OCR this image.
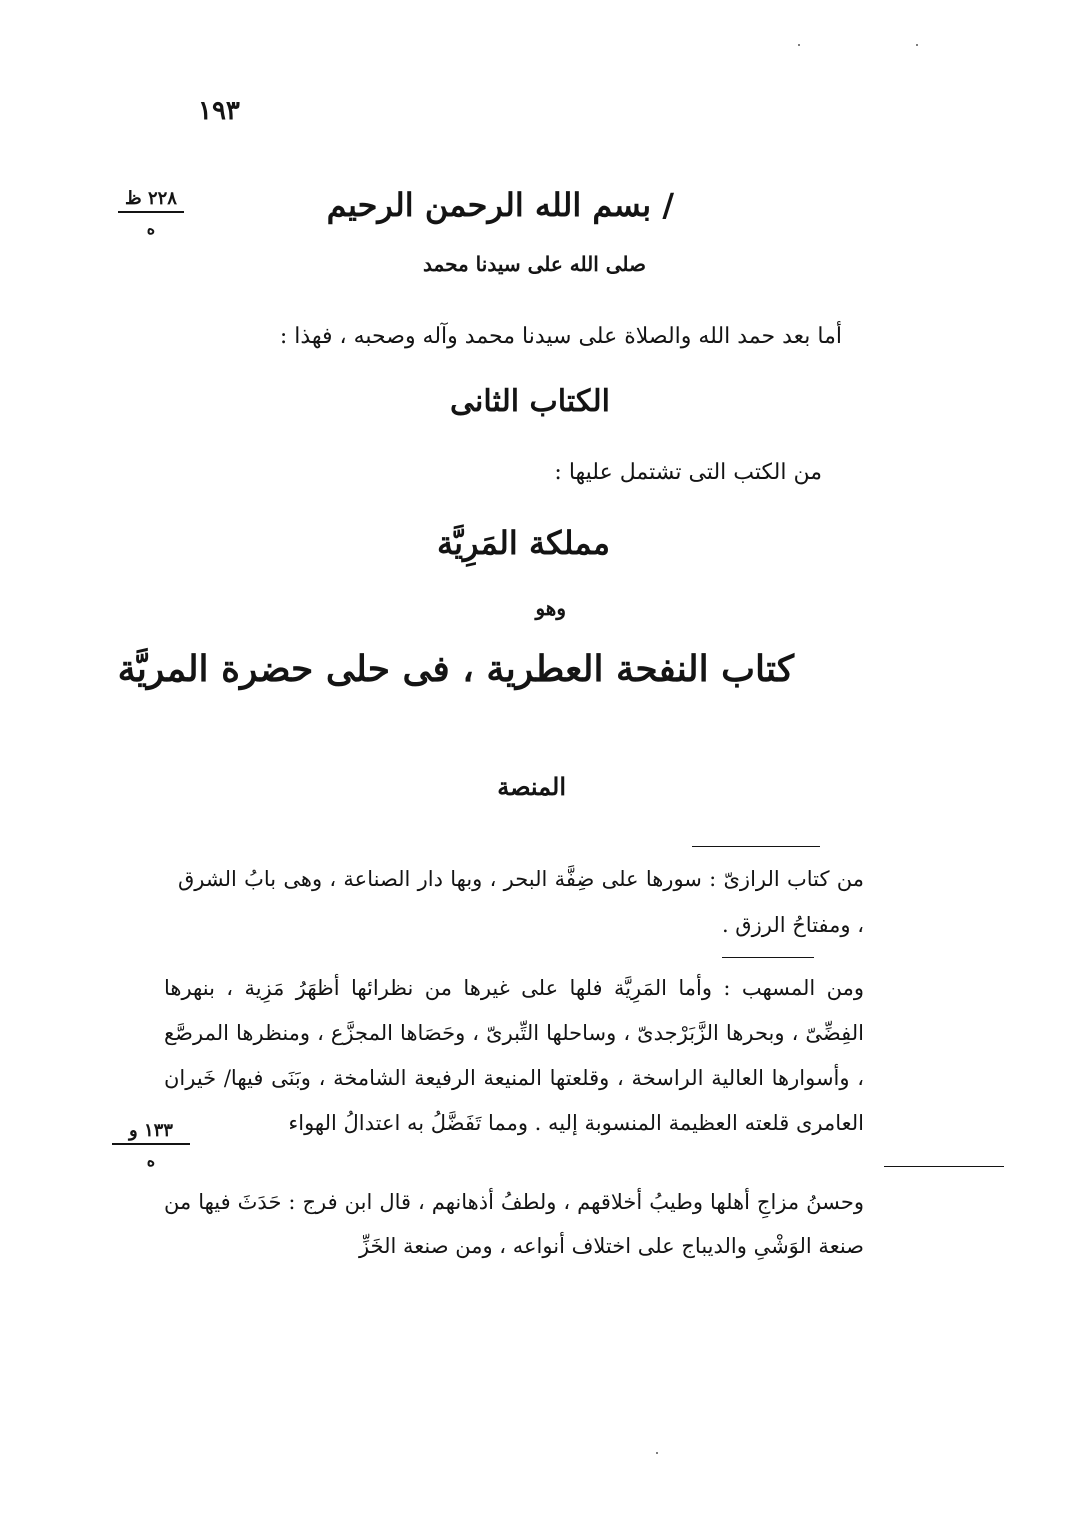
١٩٣
٢٢٨ ظ
ه
/ بسم الله الرحمن الرحيم
صلى الله على سيدنا محمد
أما بعد حمد الله والصلاة على سيدنا محمد وآله وصحبه ، فهذا :
الكتاب الثانى
من الكتب التى تشتمل عليها :
مملكة المَرِيَّة
وهو
كتاب النفحة العطرية ، فى حلى حضرة المريَّة
المنصة
من كتاب الرازىّ : سورها على ضِفَّة البحر ، وبها دار الصناعة ، وهى بابُ الشرق ، ومفتاحُ الرزق .
ومن المسهب : وأما المَرِيَّة فلها على غيرها من نظرائها أظهَرُ مَزِية ، بنهرها الفِضِّىّ ، وبحرها الزَّبَرْجدىّ ، وساحلها التِّبرىّ ، وحَصَاها المجزَّع ، ومنظرها المرصَّع ، وأسوارها العالية الراسخة ، وقلعتها المنيعة الرفيعة الشامخة ، وبَنَى فيها/ خَيران العامرى قلعته العظيمة المنسوبة إليه . ومما تَفَضَّلُ به اعتدالُ الهواء
١٣٣ و
ه
وحسنُ مزاجِ أهلها وطيبُ أخلاقهم ، ولطفُ أذهانهم ، قال ابن فرج : حَدَثَ فيها من صنعة الوَشْىِ والديباج على اختلاف أنواعه ، ومن صنعة الخَزِّ
